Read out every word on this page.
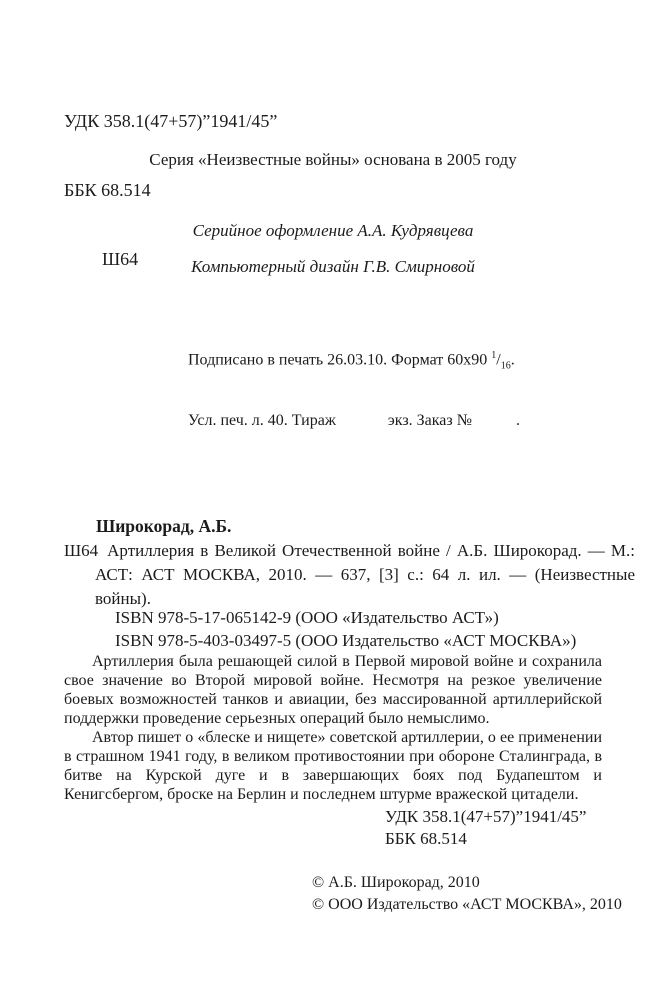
УДК 358.1(47+57)”1941/45”

ББК 68.514

Ш64

Серия «Неизвестные войны» основана в 2005 году
Серийное оформление А.А. Кудрявцева
Компьютерный дизайн Г.В. Смирновой

Подписано в печать 26.03.10. Формат 60х90 $^1/_{16}$.

Усл. печ. л. 40. Тираж             экз. Заказ №           .

Широкорад, А.Б.
Ш64 Артиллерия в Великой Отечественной войне / А.Б. Широкорад. — М.: АСТ: АСТ МОСКВА, 2010. — 637, [3] с.: 64 л. ил. — (Неизвестные войны).
ISBN 978-5-17-065142-9 (ООО «Издательство АСТ»)
ISBN 978-5-403-03497-5 (ООО Издательство «АСТ МОСКВА»)

Артиллерия была решающей силой в Первой мировой войне и сохранила свое значение во Второй мировой войне. Несмотря на резкое увеличение боевых возможностей танков и авиации, без массированной артиллерийской поддержки проведение серьезных операций было немыслимо.

Автор пишет о «блеске и нищете» советской артиллерии, о ее применении в страшном 1941 году, в великом противостоянии при обороне Сталинграда, в битве на Курской дуге и в завершающих боях под Будапештом и Кенигсбергом, броске на Берлин и последнем штурме вражеской цитадели.

УДК 358.1(47+57)”1941/45”
ББК 68.514
© А.Б. Широкорад, 2010
© ООО Издательство «АСТ МОСКВА», 2010
